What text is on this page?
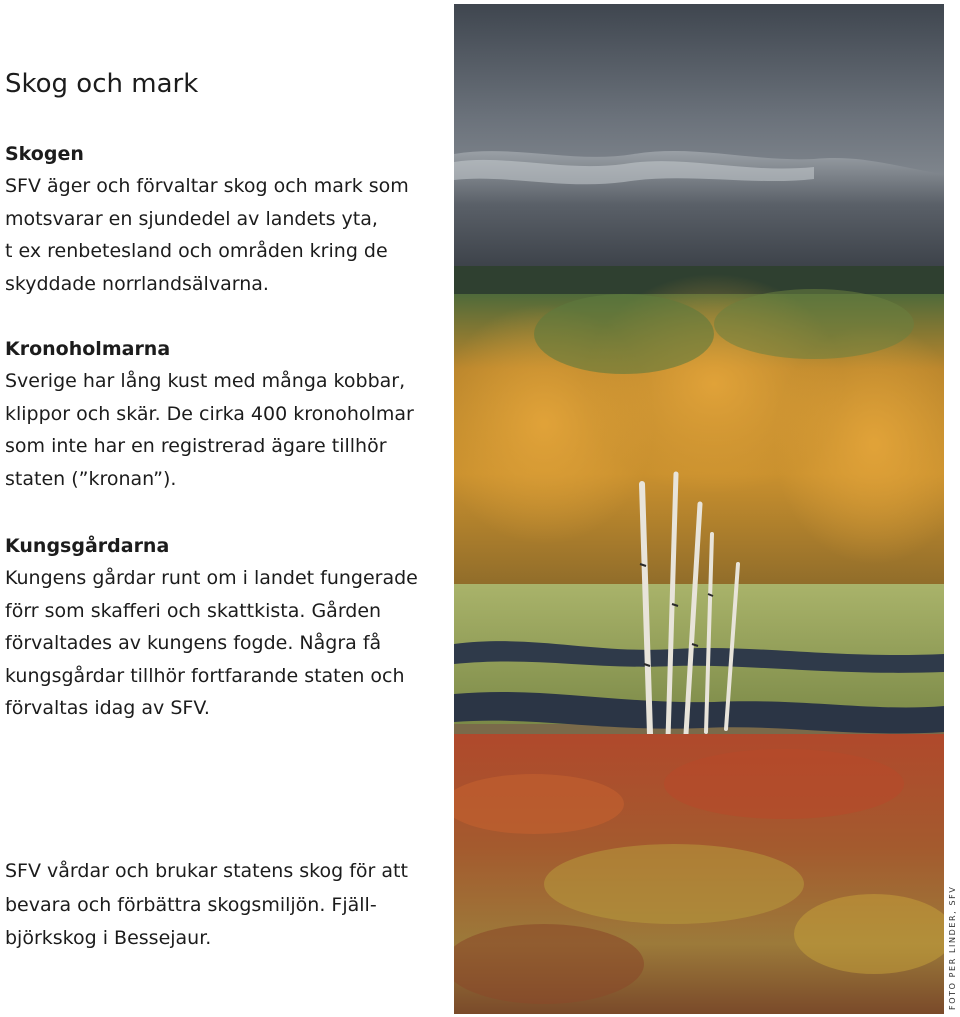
Skog och mark
Skogen

SFV äger och förvaltar skog och mark som
motsvarar en sjundedel av landets yta,
t ex renbetesland och områden kring de
skyddade norrlandsälvarna.

Kronoholmarna

Sverige har lång kust med många kobbar,
klippor och skär. De cirka 400 kronoholmar
som inte har en registrerad ägare tillhör
staten (”kronan”).

Kungsgårdarna

Kungens gårdar runt om i landet fungerade
förr som skafferi och skattkista. Gården
förvaltades av kungens fogde. Några få
kungsgårdar tillhör fortfarande staten och
förvaltas idag av SFV.

SFV vårdar och brukar statens skog för att
bevara och förbättra skogsmiljön. Fjäll-
björkskog i Bessejaur.	FOTO PER LINDER, SFV
